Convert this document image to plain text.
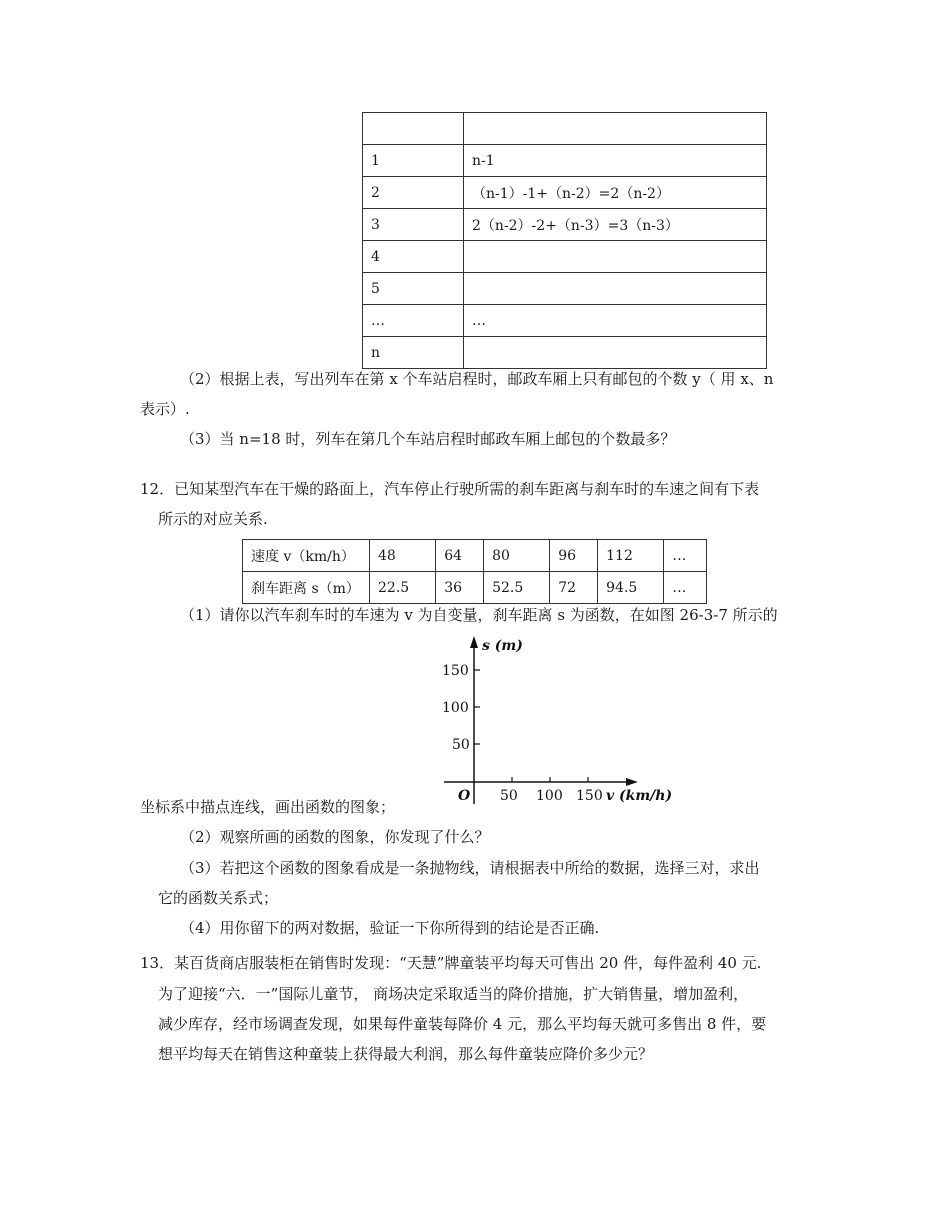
1	n-1
2	（n-1）-1+（n-2）=2（n-2）
3	2（n-2）-2+（n-3）=3（n-3）
4	
5	
…	…
n	
（2）根据上表，写出列车在第 x 个车站启程时，邮政车厢上只有邮包的个数 y（ 用 x、n
表示）.
（3）当 n=18 时，列车在第几个车站启程时邮政车厢上邮包的个数最多？
12．已知某型汽车在干燥的路面上，汽车停止行驶所需的刹车距离与刹车时的车速之间有下表
所示的对应关系.
速度 v（km/h）	48	64	80	96	112	…
刹车距离 s（m）	22.5	36	52.5	72	94.5	…
（1）请你以汽车刹车时的车速为 v 为自变量，刹车距离 s 为函数，在如图 26-3-7 所示的
s (m)
150
100
50
O 50 100 150 v (km/h)
坐标系中描点连线，画出函数的图象；
（2）观察所画的函数的图象，你发现了什么？
（3）若把这个函数的图象看成是一条抛物线，请根据表中所给的数据，选择三对，求出
它的函数关系式；
（4）用你留下的两对数据，验证一下你所得到的结论是否正确.
13．某百货商店服装柜在销售时发现：“天慧”牌童装平均每天可售出 20 件，每件盈利 40 元.
为了迎接“六．一”国际儿童节， 商场决定采取适当的降价措施，扩大销售量，增加盈利，
减少库存，经市场调查发现，如果每件童装每降价 4 元，那么平均每天就可多售出 8 件，要
想平均每天在销售这种童装上获得最大利润，那么每件童装应降价多少元？
